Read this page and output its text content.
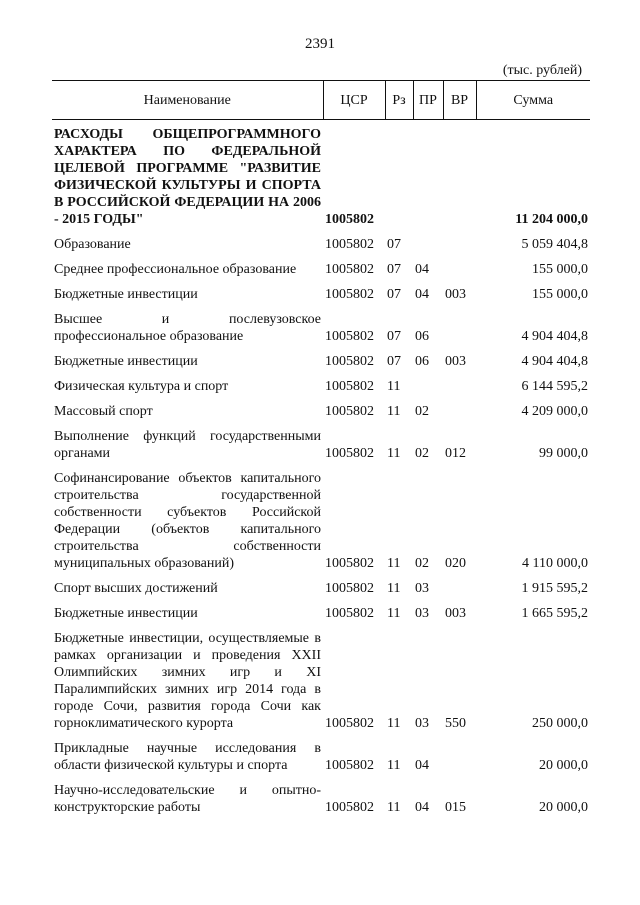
2391
(тыс. рублей)
Наименование	ЦСР	Рз	ПР	ВР	Сумма
РАСХОДЫ ОБЩЕПРОГРАММНОГО ХАРАКТЕРА ПО ФЕДЕРАЛЬНОЙ ЦЕЛЕВОЙ ПРОГРАММЕ "РАЗВИТИЕ ФИЗИЧЕСКОЙ КУЛЬТУРЫ И СПОРТА В РОССИЙСКОЙ ФЕДЕРАЦИИ НА 2006 - 2015 ГОДЫ"	1005802				11 204 000,0
Образование	1005802	07			5 059 404,8
Среднее профессиональное образование	1005802	07	04		155 000,0
Бюджетные инвестиции	1005802	07	04	003	155 000,0
Высшее и послевузовское профессиональное образование	1005802	07	06		4 904 404,8
Бюджетные инвестиции	1005802	07	06	003	4 904 404,8
Физическая культура и спорт	1005802	11			6 144 595,2
Массовый спорт	1005802	11	02		4 209 000,0
Выполнение функций государственными органами	1005802	11	02	012	99 000,0
Софинансирование объектов капитального строительства государственной собственности субъектов Российской Федерации (объектов капитального строительства собственности муниципальных образований)	1005802	11	02	020	4 110 000,0
Спорт высших достижений	1005802	11	03		1 915 595,2
Бюджетные инвестиции	1005802	11	03	003	1 665 595,2
Бюджетные инвестиции, осуществляемые в рамках организации и проведения XXII Олимпийских зимних игр и XI Паралимпийских зимних игр 2014 года в городе Сочи, развития города Сочи как горноклиматического курорта	1005802	11	03	550	250 000,0
Прикладные научные исследования в области физической культуры и спорта	1005802	11	04		20 000,0
Научно-исследовательские и опытно-конструкторские работы	1005802	11	04	015	20 000,0
